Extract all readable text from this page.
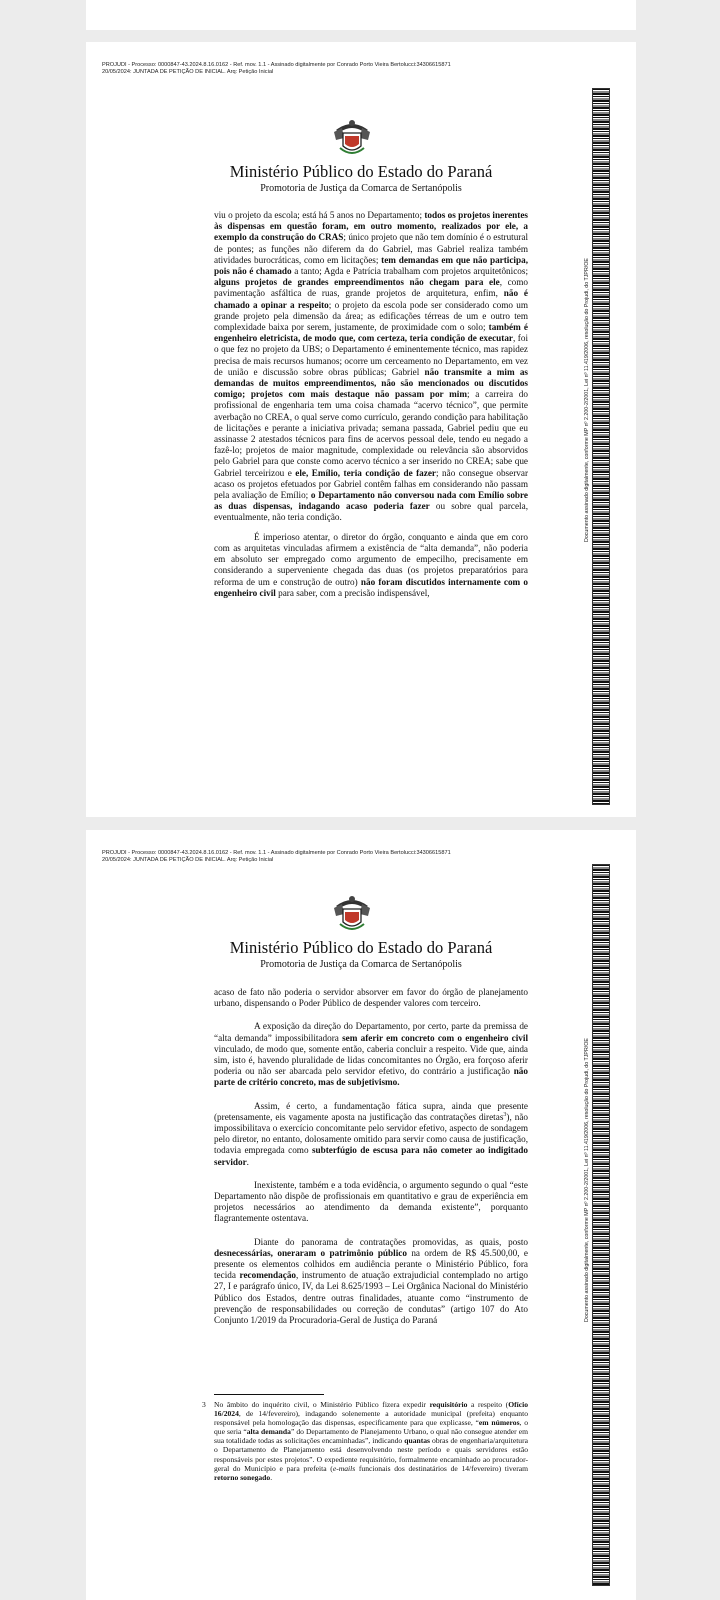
PROJUDI - Processo: 0000847-43.2024.8.16.0162 - Ref. mov. 1.1 - Assinado digitalmente por Conrado Porto Vieira Bertolucci:34306615871
20/05/2024: JUNTADA DE PETIÇÃO DE INICIAL. Arq: Petição Inicial
Ministério Público do Estado do Paraná
Promotoria de Justiça da Comarca de Sertanópolis

viu o projeto da escola; está há 5 anos no Departamento; todos os projetos inerentes às dispensas em questão foram, em outro momento, realizados por ele, a exemplo da construção do CRAS; único projeto que não tem domínio é o estrutural de pontes; as funções não diferem da do Gabriel, mas Gabriel realiza também atividades burocráticas, como em licitações; tem demandas em que não participa, pois não é chamado a tanto; Agda e Patrícia trabalham com projetos arquitetônicos; alguns projetos de grandes empreendimentos não chegam para ele, como pavimentação asfáltica de ruas, grande projetos de arquitetura, enfim, não é chamado a opinar a respeito; o projeto da escola pode ser considerado como um grande projeto pela dimensão da área; as edificações térreas de um e outro tem complexidade baixa por serem, justamente, de proximidade com o solo; também é engenheiro eletricista, de modo que, com certeza, teria condição de executar, foi o que fez no projeto da UBS; o Departamento é eminentemente técnico, mas rapidez precisa de mais recursos humanos; ocorre um cerceamento no Departamento, em vez de união e discussão sobre obras públicas; Gabriel não transmite a mim as demandas de muitos empreendimentos, não são mencionados ou discutidos comigo; projetos com mais destaque não passam por mim; a carreira do profissional de engenharia tem uma coisa chamada “acervo técnico”, que permite averbação no CREA, o qual serve como currículo, gerando condição para habilitação de licitações e perante a iniciativa privada; semana passada, Gabriel pediu que eu assinasse 2 atestados técnicos para fins de acervos pessoal dele, tendo eu negado a fazê-lo; projetos de maior magnitude, complexidade ou relevância são absorvidos pelo Gabriel para que conste como acervo técnico a ser inserido no CREA; sabe que Gabriel terceirizou e ele, Emílio, teria condição de fazer; não consegue observar acaso os projetos efetuados por Gabriel contêm falhas em considerando não passam pela avaliação de Emílio; o Departamento não conversou nada com Emílio sobre as duas dispensas, indagando acaso poderia fazer ou sobre qual parcela, eventualmente, não teria condição.

É imperioso atentar, o diretor do órgão, conquanto e ainda que em coro com as arquitetas vinculadas afirmem a existência de “alta demanda”, não poderia em absoluto ser empregado como argumento de empecilho, precisamente em considerando a superveniente chegada das duas (os projetos preparatórios para reforma de um e construção de outro) não foram discutidos internamente com o engenheiro civil para saber, com a precisão indispensável,

Documento assinado digitalmente, conforme MP nº 2.200-2/2001, Lei nº 11.419/2006, resolução do Projudi, do TJPR/OE
PROJUDI - Processo: 0000847-43.2024.8.16.0162 - Ref. mov. 1.1 - Assinado digitalmente por Conrado Porto Vieira Bertolucci:34306615871
20/05/2024: JUNTADA DE PETIÇÃO DE INICIAL. Arq: Petição Inicial
Ministério Público do Estado do Paraná
Promotoria de Justiça da Comarca de Sertanópolis

acaso de fato não poderia o servidor absorver em favor do órgão de planejamento urbano, dispensando o Poder Público de despender valores com terceiro.

A exposição da direção do Departamento, por certo, parte da premissa de “alta demanda” impossibilitadora sem aferir em concreto com o engenheiro civil vinculado, de modo que, somente então, caberia concluir a respeito. Vide que, ainda sim, isto é, havendo pluralidade de lidas concomitantes no Órgão, era forçoso aferir poderia ou não ser abarcada pelo servidor efetivo, do contrário a justificação não parte de critério concreto, mas de subjetivismo.

Assim, é certo, a fundamentação fática supra, ainda que presente (pretensamente, eis vagamente aposta na justificação das contratações diretas$^3$), não impossibilitava o exercício concomitante pelo servidor efetivo, aspecto de sondagem pelo diretor, no entanto, dolosamente omitido para servir como causa de justificação, todavia empregada como subterfúgio de escusa para não cometer ao indigitado servidor.

Inexistente, também e a toda evidência, o argumento segundo o qual “este Departamento não dispõe de profissionais em quantitativo e grau de experiência em projetos necessários ao atendimento da demanda existente”, porquanto flagrantemente ostentava.

Diante do panorama de contratações promovidas, as quais, posto desnecessárias, oneraram o patrimônio público na ordem de R$ 45.500,00, e presente os elementos colhidos em audiência perante o Ministério Público, fora tecida recomendação, instrumento de atuação extrajudicial contemplado no artigo 27, I e parágrafo único, IV, da Lei 8.625/1993 – Lei Orgânica Nacional do Ministério Público dos Estados, dentre outras finalidades, atuante como “instrumento de prevenção de responsabilidades ou correção de condutas” (artigo 107 do Ato Conjunto 1/2019 da Procuradoria-Geral de Justiça do Paraná

3 No âmbito do inquérito civil, o Ministério Público fizera expedir requisitório a respeito (Ofício 16/2024, de 14/fevereiro), indagando solenemente a autoridade municipal (prefeita) enquanto responsável pela homologação das dispensas, especificamente para que explicasse, “em números, o que seria “alta demanda” do Departamento de Planejamento Urbano, o qual não consegue atender em sua totalidade todas as solicitações encaminhadas”, indicando quantas obras de engenharia/arquitetura o Departamento de Planejamento está desenvolvendo neste período e quais servidores estão responsáveis por estes projetos”. O expediente requisitório, formalmente encaminhado ao procurador-geral do Município e para prefeita (e-mails funcionais dos destinatários de 14/fevereiro) tiveram retorno sonegado.
Documento assinado digitalmente, conforme MP nº 2.200-2/2001, Lei nº 11.419/2006, resolução do Projudi, do TJPR/OE
